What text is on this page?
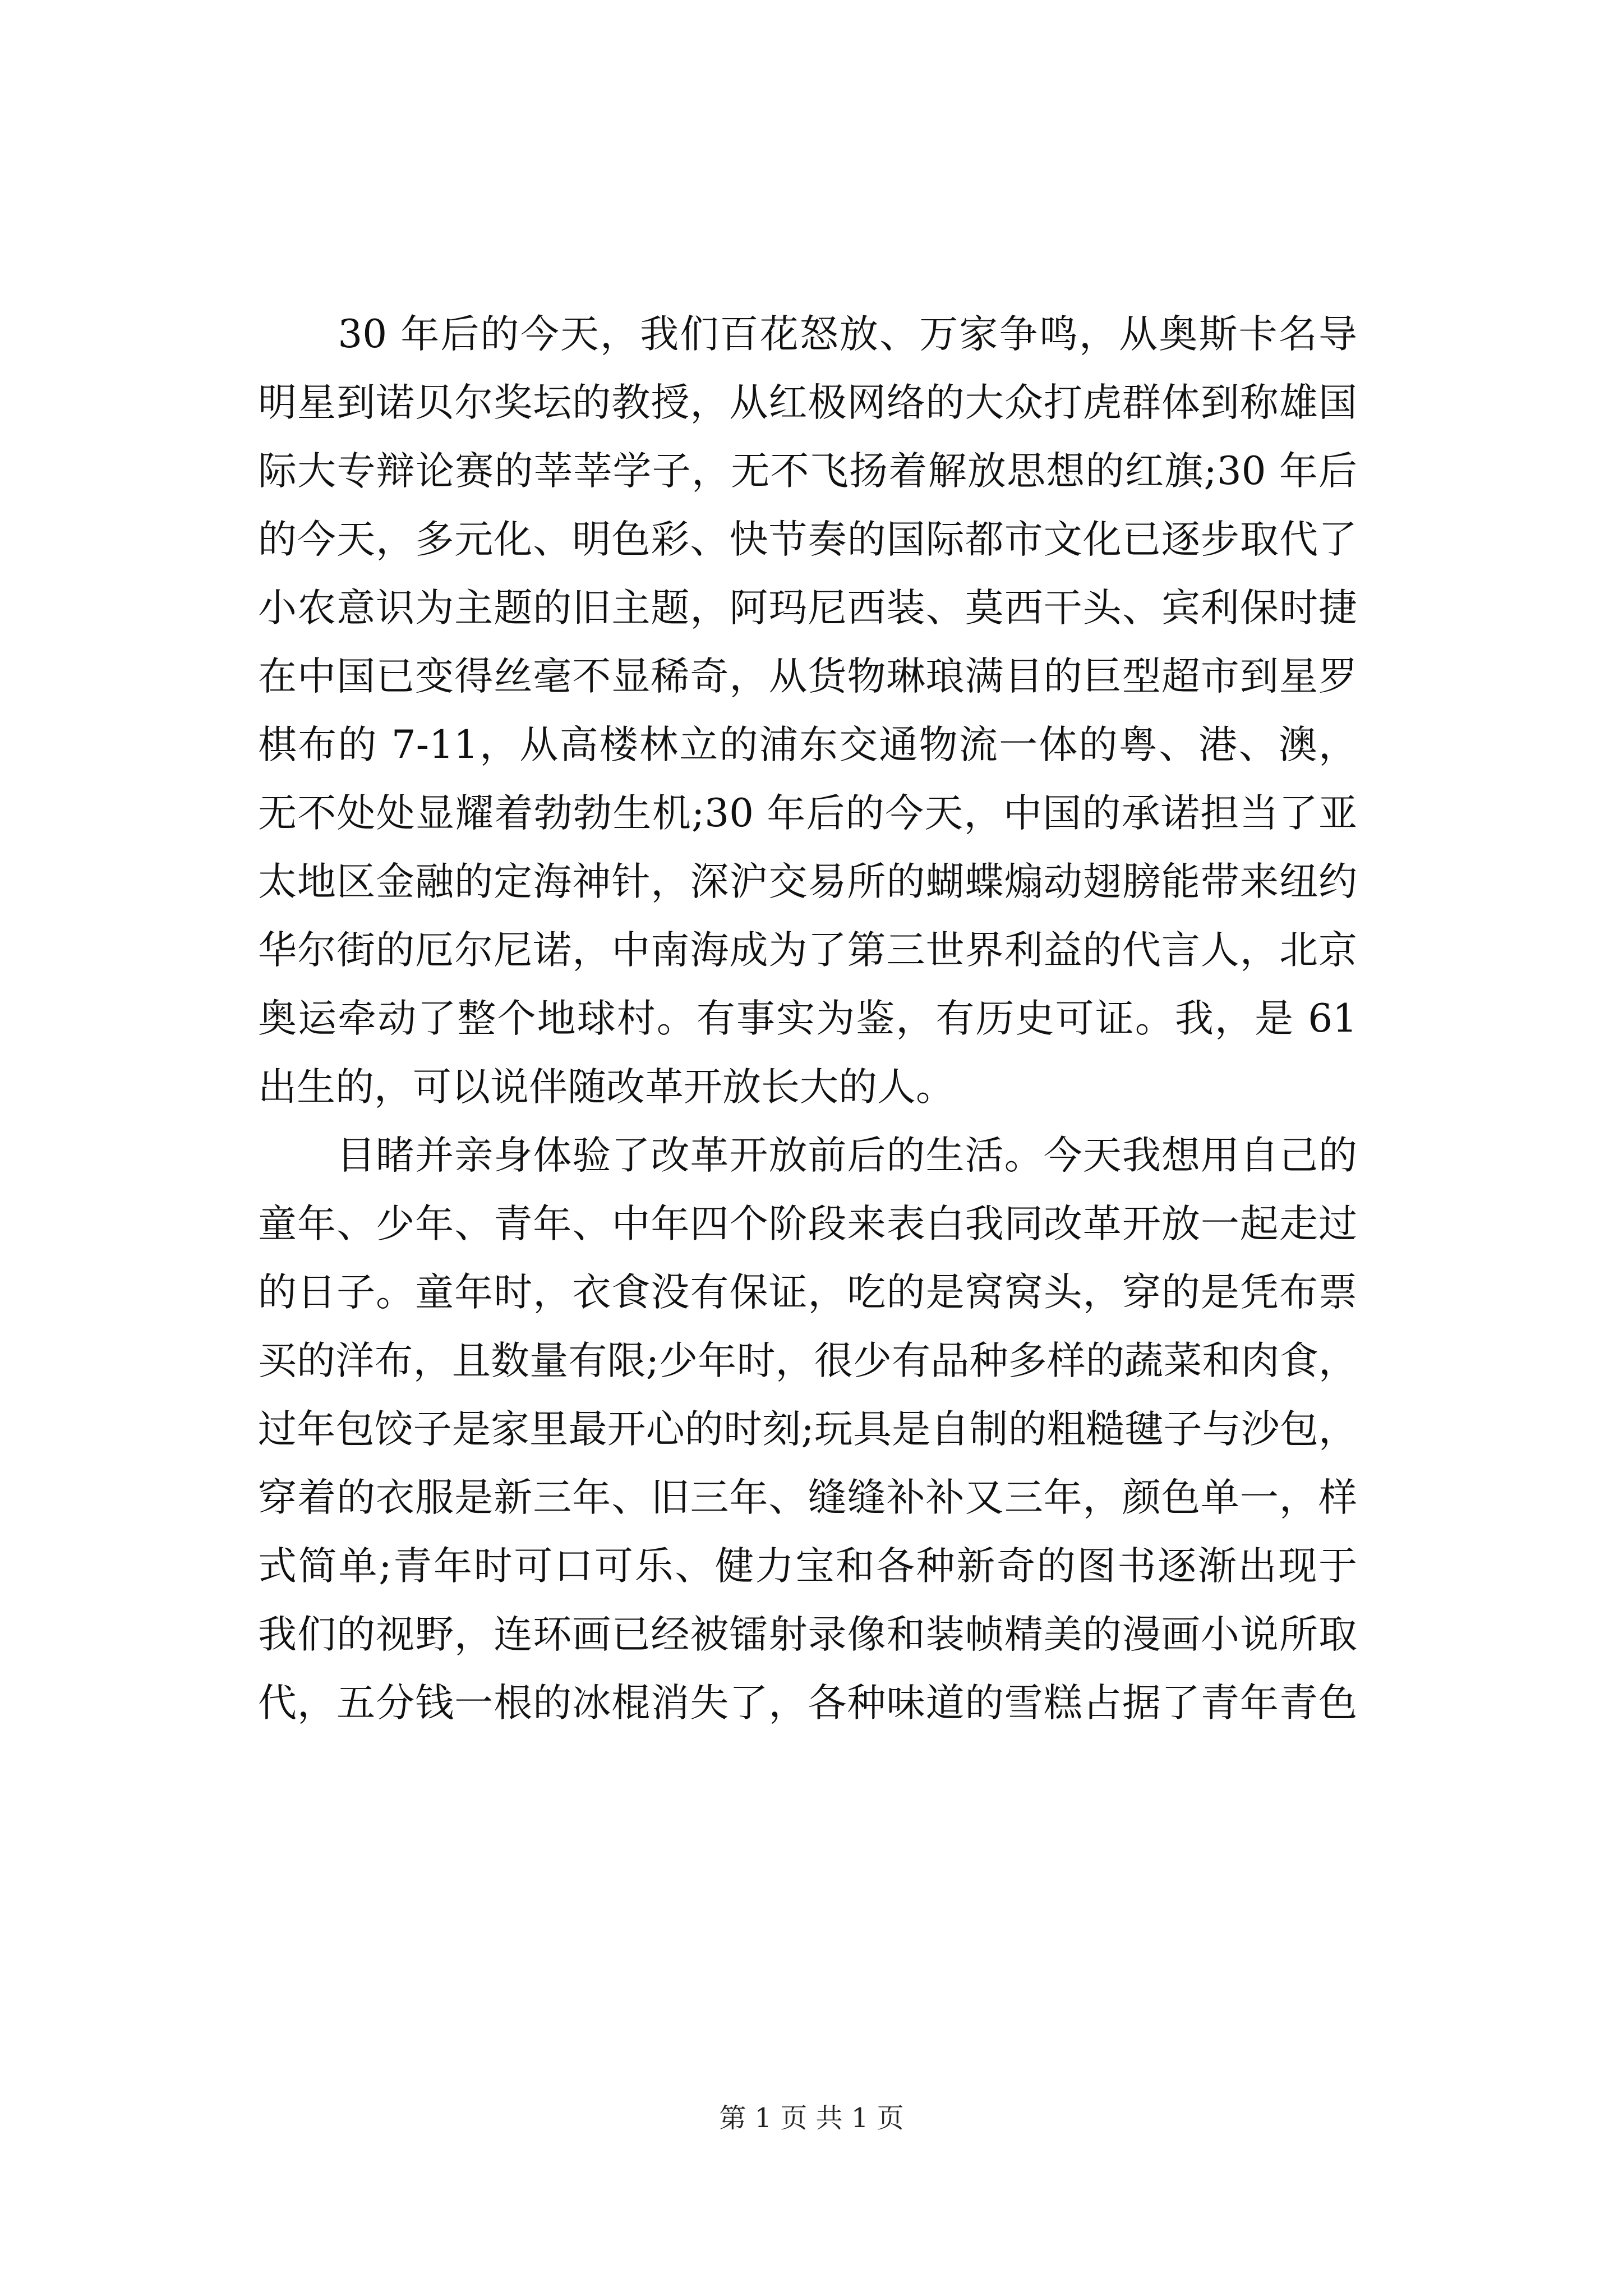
　　30 年后的今天，我们百花怒放、万家争鸣，从奥斯卡名导
明星到诺贝尔奖坛的教授，从红极网络的大众打虎群体到称雄国
际大专辩论赛的莘莘学子，无不飞扬着解放思想的红旗;30 年后
的今天，多元化、明色彩、快节奏的国际都市文化已逐步取代了
小农意识为主题的旧主题，阿玛尼西装、莫西干头、宾利保时捷
在中国已变得丝毫不显稀奇，从货物琳琅满目的巨型超市到星罗
棋布的 7-11，从高楼林立的浦东交通物流一体的粤、港、澳，
无不处处显耀着勃勃生机;30 年后的今天，中国的承诺担当了亚
太地区金融的定海神针，深沪交易所的蝴蝶煽动翅膀能带来纽约
华尔街的厄尔尼诺，中南海成为了第三世界利益的代言人，北京
奥运牵动了整个地球村。有事实为鉴，有历史可证。我，是 61
出生的，可以说伴随改革开放长大的人。
　　目睹并亲身体验了改革开放前后的生活。今天我想用自己的
童年、少年、青年、中年四个阶段来表白我同改革开放一起走过
的日子。童年时，衣食没有保证，吃的是窝窝头，穿的是凭布票
买的洋布，且数量有限;少年时，很少有品种多样的蔬菜和肉食，
过年包饺子是家里最开心的时刻;玩具是自制的粗糙毽子与沙包，
穿着的衣服是新三年、旧三年、缝缝补补又三年，颜色单一，样
式简单;青年时可口可乐、健力宝和各种新奇的图书逐渐出现于
我们的视野，连环画已经被镭射录像和装帧精美的漫画小说所取
代，五分钱一根的冰棍消失了，各种味道的雪糕占据了青年青色
第 1 页 共 1 页
